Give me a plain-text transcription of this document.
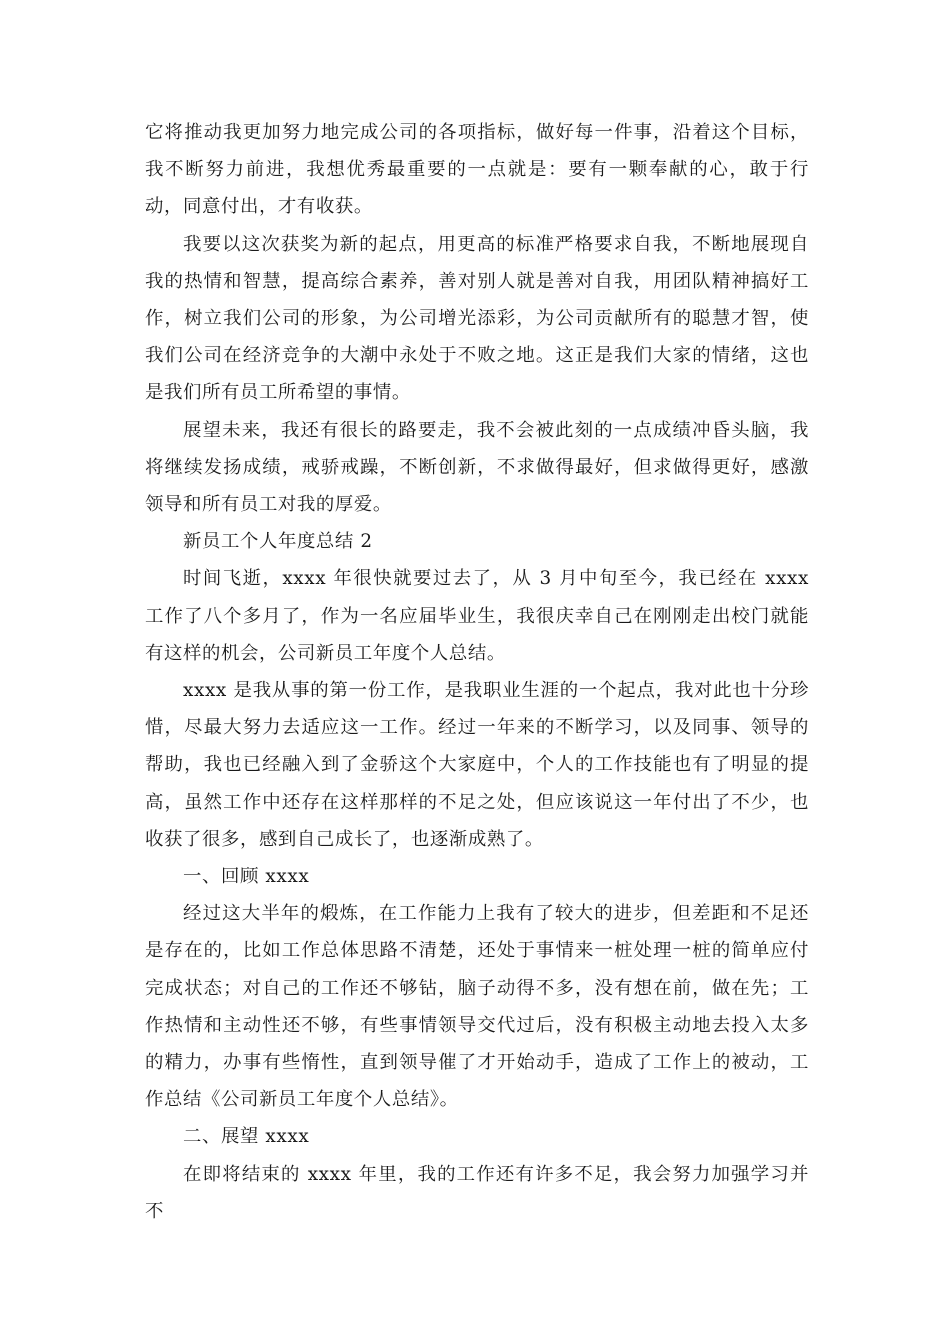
它将推动我更加努力地完成公司的各项指标，做好每一件事，沿着这个目标，我不断努力前进，我想优秀最重要的一点就是：要有一颗奉献的心，敢于行动，同意付出，才有收获。

我要以这次获奖为新的起点，用更高的标准严格要求自我，不断地展现自我的热情和智慧，提高综合素养，善对别人就是善对自我，用团队精神搞好工作，树立我们公司的形象，为公司增光添彩，为公司贡献所有的聪慧才智，使我们公司在经济竞争的大潮中永处于不败之地。这正是我们大家的情绪，这也是我们所有员工所希望的事情。

展望未来，我还有很长的路要走，我不会被此刻的一点成绩冲昏头脑，我将继续发扬成绩，戒骄戒躁，不断创新，不求做得最好，但求做得更好，感激领导和所有员工对我的厚爱。

新员工个人年度总结 2

时间飞逝，xxxx 年很快就要过去了，从 3 月中旬至今，我已经在 xxxx 工作了八个多月了，作为一名应届毕业生，我很庆幸自己在刚刚走出校门就能有这样的机会，公司新员工年度个人总结。

xxxx 是我从事的第一份工作，是我职业生涯的一个起点，我对此也十分珍惜，尽最大努力去适应这一工作。经过一年来的不断学习，以及同事、领导的帮助，我也已经融入到了金骄这个大家庭中，个人的工作技能也有了明显的提高，虽然工作中还存在这样那样的不足之处，但应该说这一年付出了不少，也收获了很多，感到自己成长了，也逐渐成熟了。

一、回顾 xxxx

经过这大半年的煅炼，在工作能力上我有了较大的进步，但差距和不足还是存在的，比如工作总体思路不清楚，还处于事情来一桩处理一桩的简单应付完成状态；对自己的工作还不够钻，脑子动得不多，没有想在前，做在先；工作热情和主动性还不够，有些事情领导交代过后，没有积极主动地去投入太多的精力，办事有些惰性，直到领导催了才开始动手，造成了工作上的被动，工作总结《公司新员工年度个人总结》。

二、展望 xxxx

在即将结束的 xxxx 年里，我的工作还有许多不足，我会努力加强学习并不
